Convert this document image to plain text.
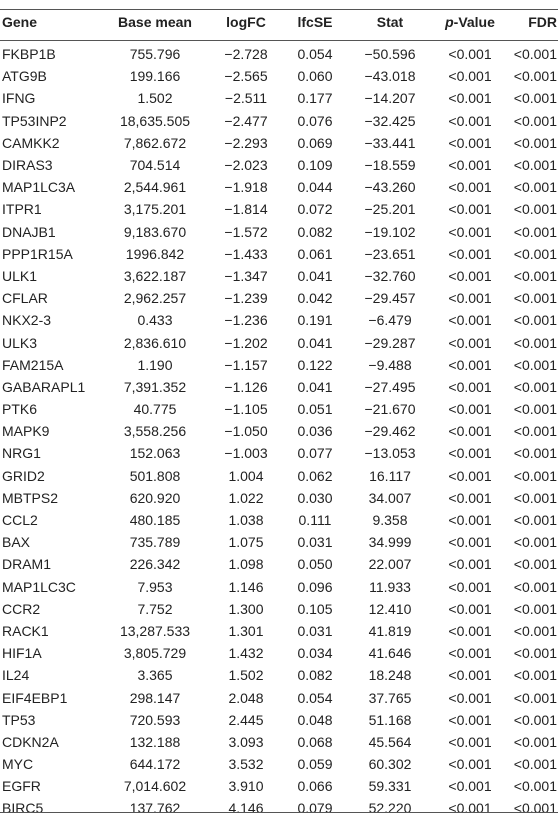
Gene	Base mean	logFC	lfcSE	Stat	p-Value	FDR
FKBP1B	755.796	−2.728	0.054	−50.596	<0.001	<0.001
ATG9B	199.166	−2.565	0.060	−43.018	<0.001	<0.001
IFNG	1.502	−2.511	0.177	−14.207	<0.001	<0.001
TP53INP2	18,635.505	−2.477	0.076	−32.425	<0.001	<0.001
CAMKK2	7,862.672	−2.293	0.069	−33.441	<0.001	<0.001
DIRAS3	704.514	−2.023	0.109	−18.559	<0.001	<0.001
MAP1LC3A	2,544.961	−1.918	0.044	−43.260	<0.001	<0.001
ITPR1	3,175.201	−1.814	0.072	−25.201	<0.001	<0.001
DNAJB1	9,183.670	−1.572	0.082	−19.102	<0.001	<0.001
PPP1R15A	1996.842	−1.433	0.061	−23.651	<0.001	<0.001
ULK1	3,622.187	−1.347	0.041	−32.760	<0.001	<0.001
CFLAR	2,962.257	−1.239	0.042	−29.457	<0.001	<0.001
NKX2-3	0.433	−1.236	0.191	−6.479	<0.001	<0.001
ULK3	2,836.610	−1.202	0.041	−29.287	<0.001	<0.001
FAM215A	1.190	−1.157	0.122	−9.488	<0.001	<0.001
GABARAPL1	7,391.352	−1.126	0.041	−27.495	<0.001	<0.001
PTK6	40.775	−1.105	0.051	−21.670	<0.001	<0.001
MAPK9	3,558.256	−1.050	0.036	−29.462	<0.001	<0.001
NRG1	152.063	−1.003	0.077	−13.053	<0.001	<0.001
GRID2	501.808	1.004	0.062	16.117	<0.001	<0.001
MBTPS2	620.920	1.022	0.030	34.007	<0.001	<0.001
CCL2	480.185	1.038	0.111	9.358	<0.001	<0.001
BAX	735.789	1.075	0.031	34.999	<0.001	<0.001
DRAM1	226.342	1.098	0.050	22.007	<0.001	<0.001
MAP1LC3C	7.953	1.146	0.096	11.933	<0.001	<0.001
CCR2	7.752	1.300	0.105	12.410	<0.001	<0.001
RACK1	13,287.533	1.301	0.031	41.819	<0.001	<0.001
HIF1A	3,805.729	1.432	0.034	41.646	<0.001	<0.001
IL24	3.365	1.502	0.082	18.248	<0.001	<0.001
EIF4EBP1	298.147	2.048	0.054	37.765	<0.001	<0.001
TP53	720.593	2.445	0.048	51.168	<0.001	<0.001
CDKN2A	132.188	3.093	0.068	45.564	<0.001	<0.001
MYC	644.172	3.532	0.059	60.302	<0.001	<0.001
EGFR	7,014.602	3.910	0.066	59.331	<0.001	<0.001
BIRC5	137.762	4.146	0.079	52.220	<0.001	<0.001
